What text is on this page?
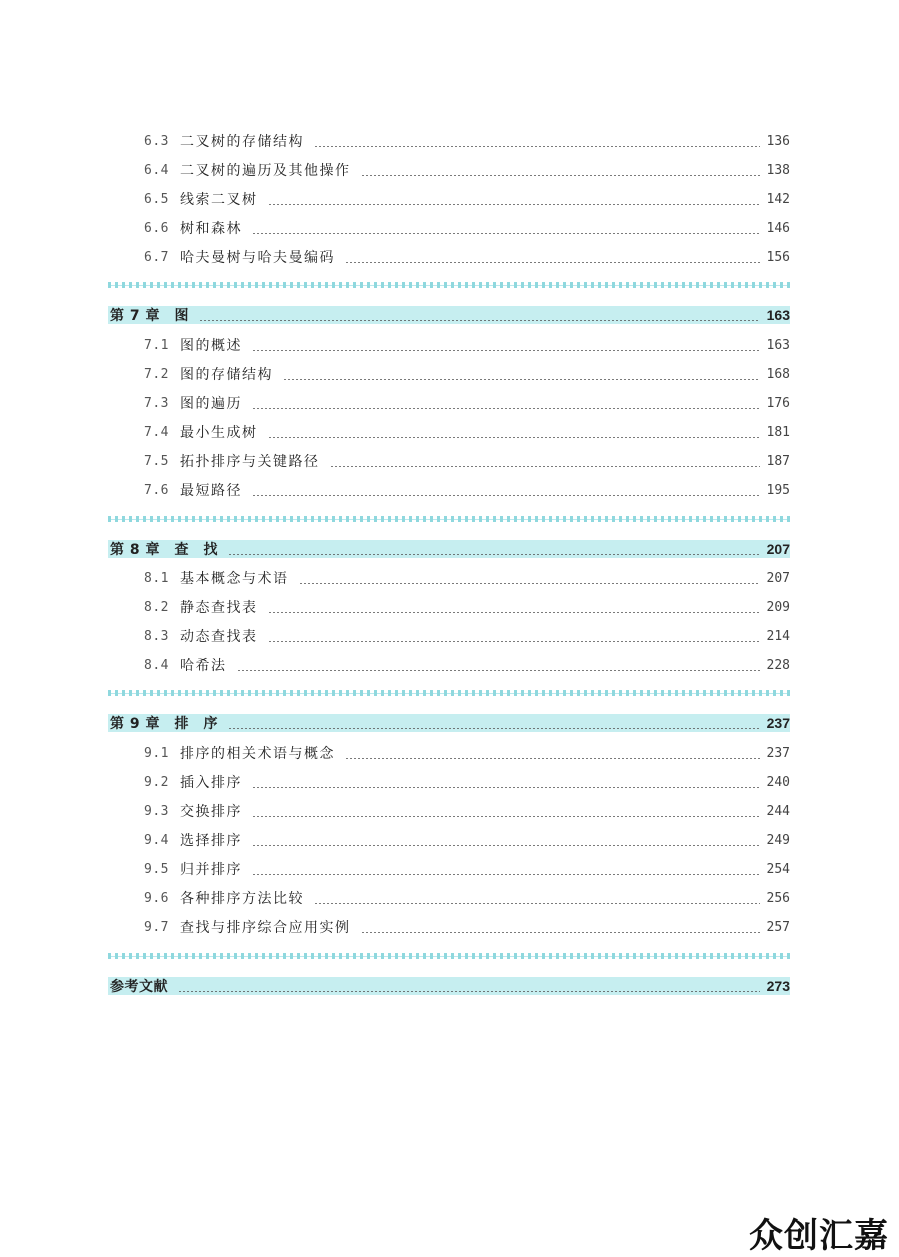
6.3 二叉树的存储结构	136
6.4 二叉树的遍历及其他操作	138
6.5 线索二叉树	142
6.6 树和森林	146
6.7 哈夫曼树与哈夫曼编码	156
第 7 章　图	163
7.1 图的概述	163
7.2 图的存储结构	168
7.3 图的遍历	176
7.4 最小生成树	181
7.5 拓扑排序与关键路径	187
7.6 最短路径	195
第 8 章　查　找	207
8.1 基本概念与术语	207
8.2 静态查找表	209
8.3 动态查找表	214
8.4 哈希法	228
第 9 章　排　序	237
9.1 排序的相关术语与概念	237
9.2 插入排序	240
9.3 交换排序	244
9.4 选择排序	249
9.5 归并排序	254
9.6 各种排序方法比较	256
9.7 查找与排序综合应用实例	257
参考文献	273
众创汇嘉
